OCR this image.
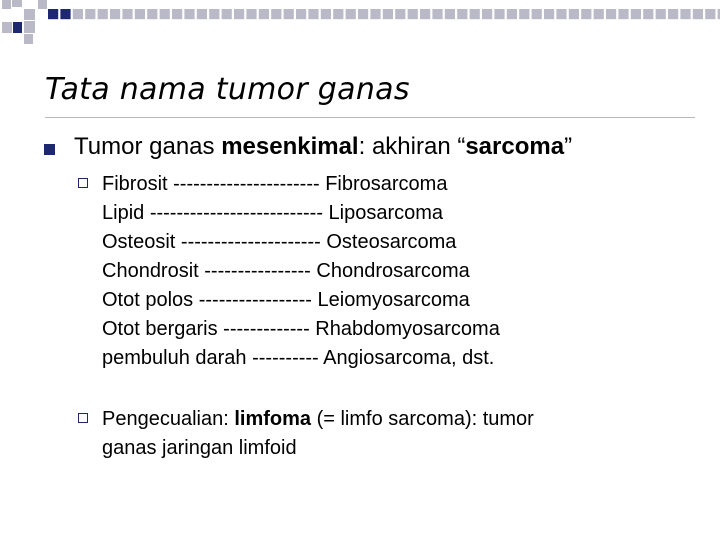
Tata nama tumor ganas
Tumor ganas mesenkimal: akhiran “sarcoma”
Fibrosit ---------------------- Fibrosarcoma
Lipid -------------------------- Liposarcoma
Osteosit --------------------- Osteosarcoma
Chondrosit ---------------- Chondrosarcoma
Otot polos ----------------- Leiomyosarcoma
Otot bergaris ------------- Rhabdomyosarcoma
pembuluh darah ---------- Angiosarcoma, dst.
Pengecualian: limfoma (= limfo sarcoma): tumor
ganas jaringan limfoid
